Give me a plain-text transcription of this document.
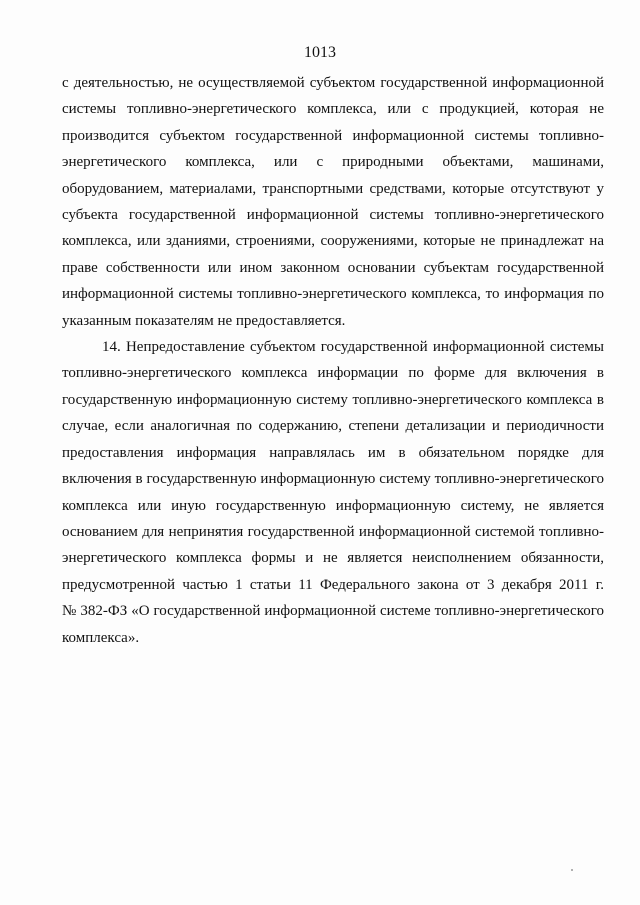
1013
с деятельностью, не осуществляемой субъектом государственной информационной
системы топливно-энергетического комплекса, или с продукцией, которая не
производится субъектом государственной информационной системы топливно-
энергетического комплекса, или с природными объектами, машинами,
оборудованием, материалами, транспортными средствами, которые отсутствуют у
субъекта государственной информационной системы топливно-энергетического
комплекса, или зданиями, строениями, сооружениями, которые не принадлежат на
праве собственности или ином законном основании субъектам государственной
информационной системы топливно-энергетического комплекса, то информация по
указанным показателям не предоставляется.
14. Непредоставление субъектом государственной информационной системы
топливно-энергетического комплекса информации по форме для включения в
государственную информационную систему топливно-энергетического комплекса в
случае, если аналогичная по содержанию, степени детализации и периодичности
предоставления информация направлялась им в обязательном порядке для
включения в государственную информационную систему топливно-энергетического
комплекса или иную государственную информационную систему, не является
основанием для непринятия государственной информационной системой топливно-
энергетического комплекса формы и не является неисполнением обязанности,
предусмотренной частью 1 статьи 11 Федерального закона от 3 декабря 2011 г.
№ 382-ФЗ «О государственной информационной системе топливно-энергетического
комплекса».
